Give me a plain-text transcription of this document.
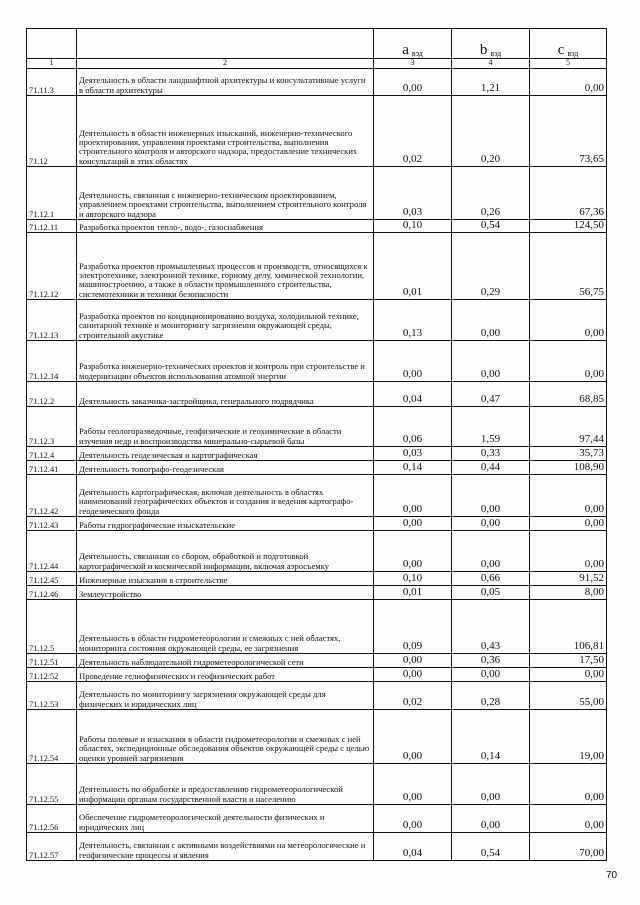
		a вэд	b вэд	c вэд
1	2	3	4	5
71.11.3	Деятельность в области ландшафтной архитектуры и консультативные услуги в области архитектуры	0,00	1,21	0,00
71.12	Деятельность в области инженерных изысканий, инженерно-технического проектирования, управления проектами строительства, выполнения строительного контроля и авторского надзора, предоставление технических консультаций в этих областях	0,02	0,20	73,65
71.12.1	Деятельность, связанная с инженерно-техническим проектированием, управлением проектами строительства, выполнением строительного контроля и авторского надзора	0,03	0,26	67,36
71.12.11	Разработка проектов тепло-, водо-, газоснабжения	0,10	0,54	124,50
71.12.12	Разработка проектов промышленных процессов и производств, относящихся к электротехнике, электронной технике, горному делу, химической технологии, машиностроению, а также в области промышленного строительства, системотехники и техники безопасности	0,01	0,29	56,75
71.12.13	Разработка проектов по кондиционированию воздуха, холодильной технике, санитарной технике и мониторингу загрязнения окружающей среды, строительной акустике	0,13	0,00	0,00
71.12.14	Разработка инженерно-технических проектов и контроль при строительстве и модернизации объектов использования атомной энергии	0,00	0,00	0,00
71.12.2	Деятельность заказчика-застройщика, генерального подрядчика	0,04	0,47	68,85
71.12.3	Работы геологоразведочные, геофизические и геохимические в области изучения недр и воспроизводства минерально-сырьевой базы	0,06	1,59	97,44
71.12.4	Деятельность геодезическая и картографическая	0,03	0,33	35,73
71.12.41	Деятельность топографо-геодезическая	0,14	0,44	108,90
71.12.42	Деятельность картографическая, включая деятельность в областях наименований географических объектов и создания и ведения картографо-геодезического фонда	0,00	0,00	0,00
71.12.43	Работы гидрографические изыскательские	0,00	0,00	0,00
71.12.44	Деятельность, связанная со сбором, обработкой и подготовкой картографической и космической информации, включая аэросъемку	0,00	0,00	0,00
71.12.45	Инженерные изыскания в строительстве	0,10	0,66	91,52
71.12.46	Землеустройство	0,01	0,05	8,00
71.12.5	Деятельность в области гидрометеорологии и смежных с ней областях, мониторинга состояния окружающей среды, ее загрязнения	0,09	0,43	106,81
71.12.51	Деятельность наблюдательной гидрометеорологической сети	0,00	0,36	17,50
71.12.52	Проведение гелиофизических и геофизических работ	0,00	0,00	0,00
71.12.53	Деятельность по мониторингу загрязнения окружающей среды для физических и юридических лиц	0,02	0,28	55,00
71.12.54	Работы полевые и изыскания в области гидрометеорологии и смежных с ней областях, экспедиционные обследования объектов окружающей среды с целью оценки уровней загрязнения	0,00	0,14	19,00
71.12.55	Деятельность по обработке и предоставлению гидрометеорологической информации органам государственной власти и населению	0,00	0,00	0,00
71.12.56	Обеспечение гидрометеорологической деятельности физических и юридических лиц	0,00	0,00	0,00
71.12.57	Деятельность, связанная с активными воздействиями на метеорологические и геофизические процессы и явления	0,04	0,54	70,00
70
